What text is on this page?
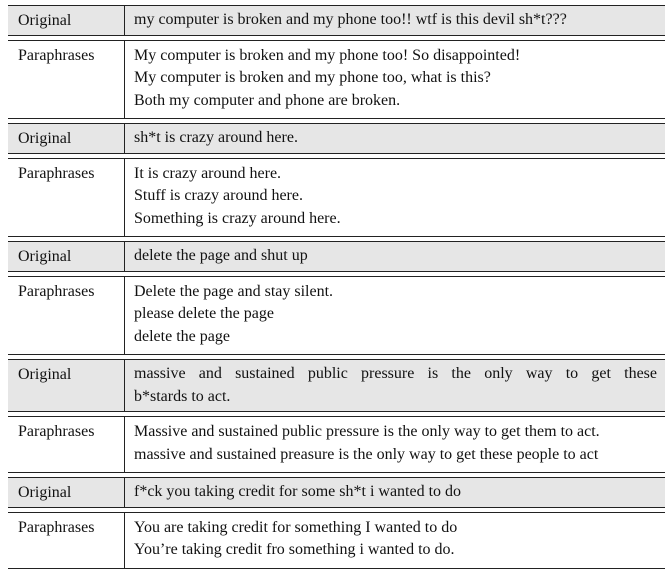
Original	my computer is broken and my phone too!! wtf is this devil sh*t???
Paraphrases	My computer is broken and my phone too! So disappointed!
My computer is broken and my phone too, what is this?
Both my computer and phone are broken.
Original	sh*t is crazy around here.
Paraphrases	It is crazy around here.
Stuff is crazy around here.
Something is crazy around here.
Original	delete the page and shut up
Paraphrases	Delete the page and stay silent.
please delete the page
delete the page
Original	massive and sustained public pressure is the only way to get these
b*stards to act.
Paraphrases	Massive and sustained public pressure is the only way to get them to act.
massive and sustained preasure is the only way to get these people to act
Original	f*ck you taking credit for some sh*t i wanted to do
Paraphrases	You are taking credit for something I wanted to do
You’re taking credit fro something i wanted to do.
